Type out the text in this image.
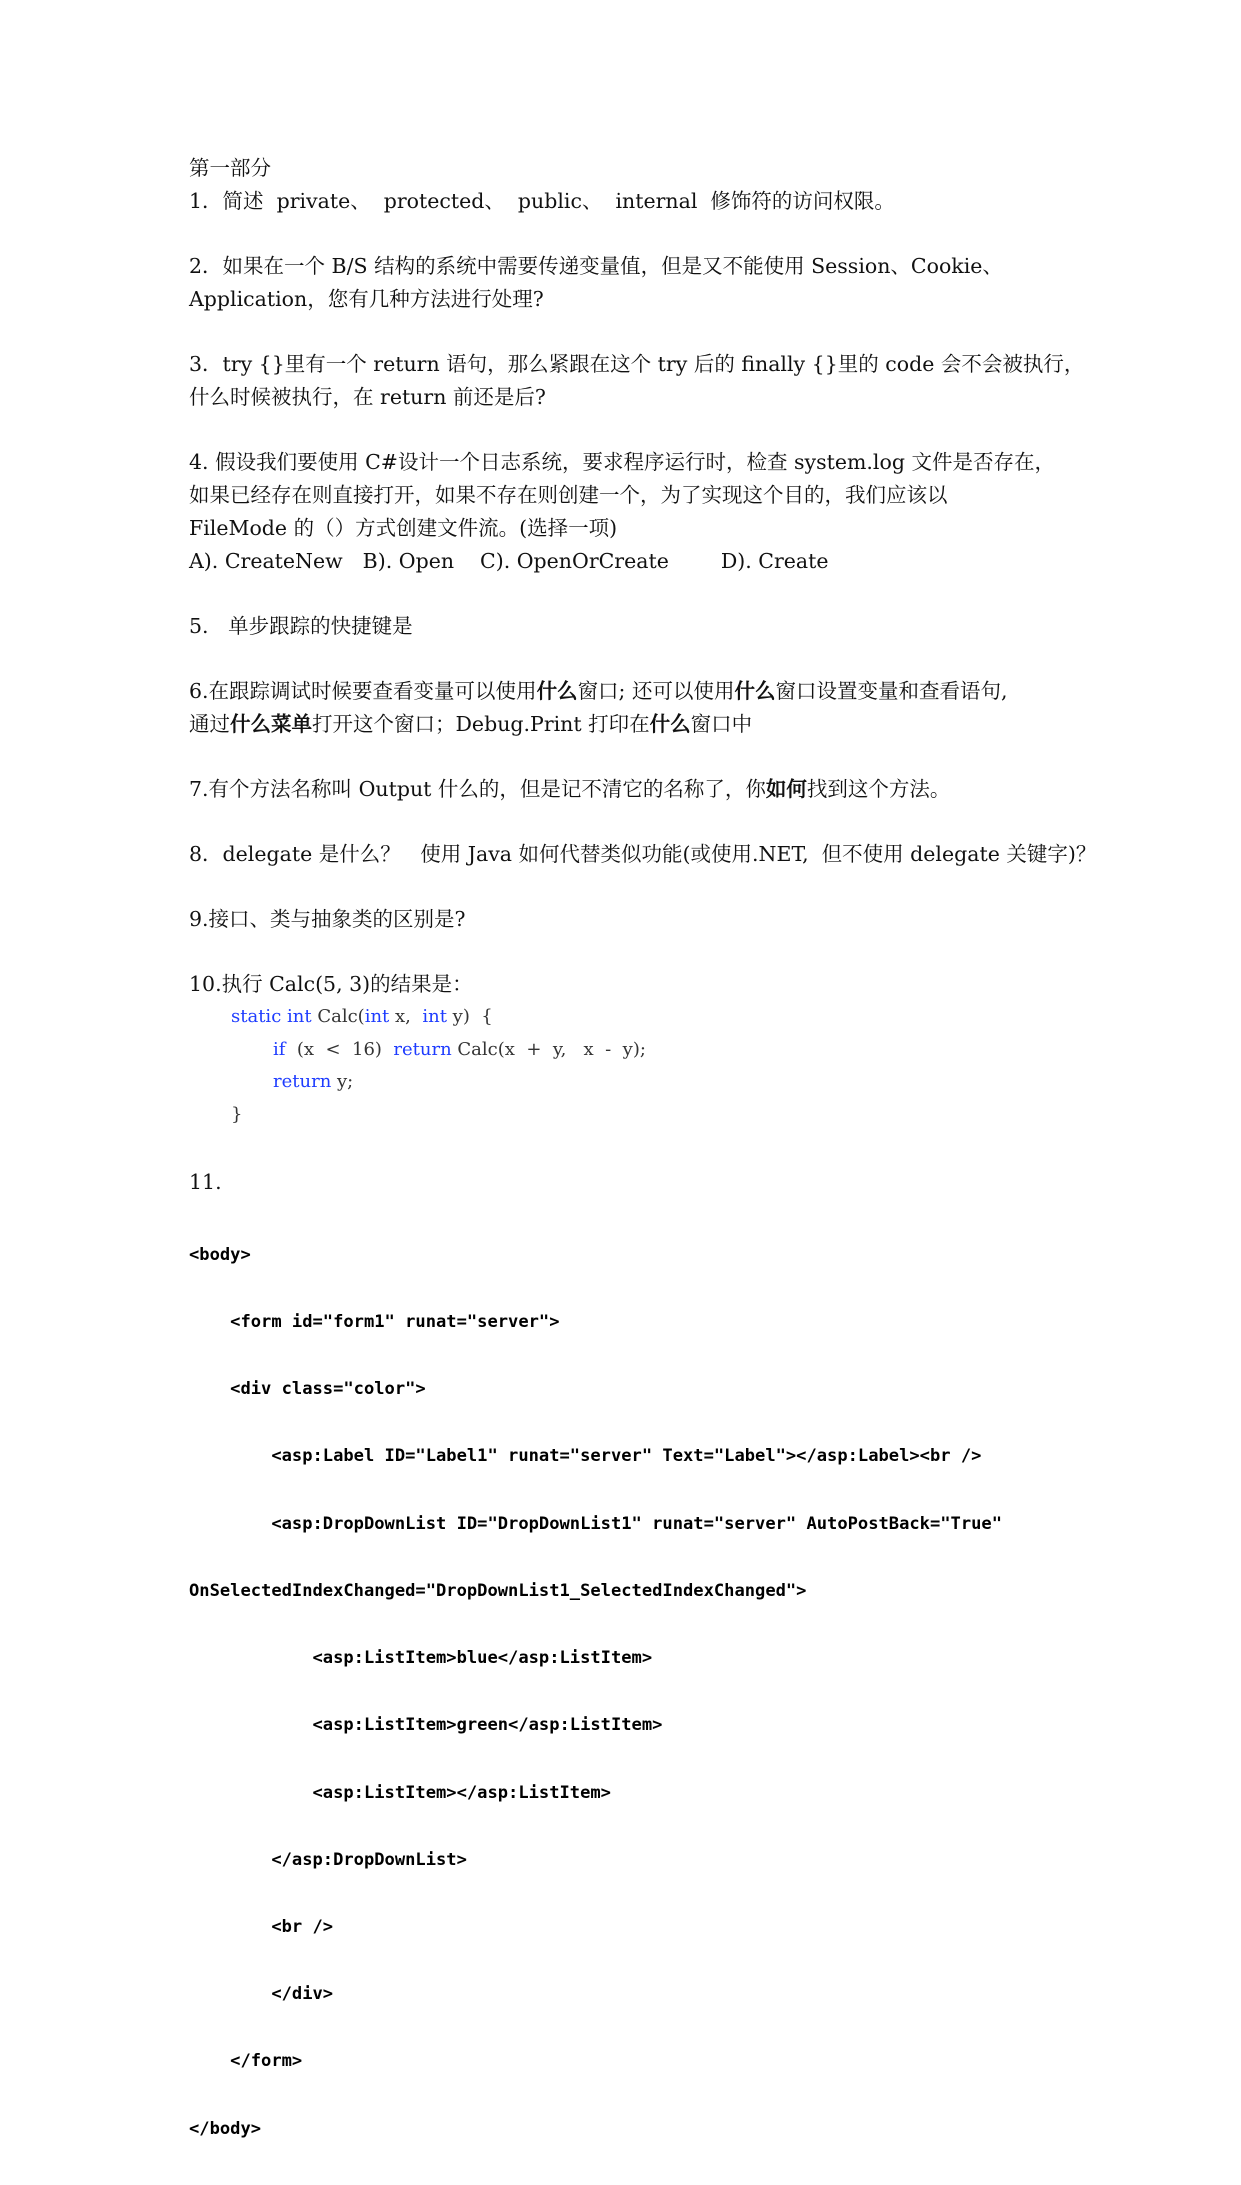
第一部分
1．简述  private、  protected、  public、  internal  修饰符的访问权限。
2．如果在一个 B/S 结构的系统中需要传递变量值，但是又不能使用 Session、Cookie、
Application，您有几种方法进行处理?
3．try {}里有一个 return 语句，那么紧跟在这个 try 后的 finally {}里的 code 会不会被执行，
什么时候被执行，在 return 前还是后?
4. 假设我们要使用 C#设计一个日志系统，要求程序运行时，检查 system.log 文件是否存在，
如果已经存在则直接打开，如果不存在则创建一个，为了实现这个目的，我们应该以
FileMode 的（）方式创建文件流。(选择一项)
A). CreateNew B). Open C). OpenOrCreate	D). Create
5.   单步跟踪的快捷键是
6.在跟踪调试时候要查看变量可以使用什么窗口; 还可以使用什么窗口设置变量和查看语句,
通过什么菜单打开这个窗口；Debug.Print 打印在什么窗口中
7.有个方法名称叫 Output 什么的，但是记不清它的名称了，你如何找到这个方法。
8．delegate 是什么？   使用 Java 如何代替类似功能(或使用.NET,  但不使用 delegate 关键字)？
9.接口、类与抽象类的区别是?
10.执行 Calc(5, 3)的结果是：
static int Calc(int x,  int y)  {
if  (x  <  16)  return Calc(x  +  y,   x  -  y);
return y;
}
11.

<body>

<form id="form1" runat="server">

<div class="color">

<asp:Label ID="Label1" runat="server" Text="Label"></asp:Label><br />

<asp:DropDownList ID="DropDownList1" runat="server" AutoPostBack="True"

OnSelectedIndexChanged="DropDownList1_SelectedIndexChanged">

<asp:ListItem>blue</asp:ListItem>

<asp:ListItem>green</asp:ListItem>

<asp:ListItem></asp:ListItem>

</asp:DropDownList>

<br />

</div>

</form>

</body>
